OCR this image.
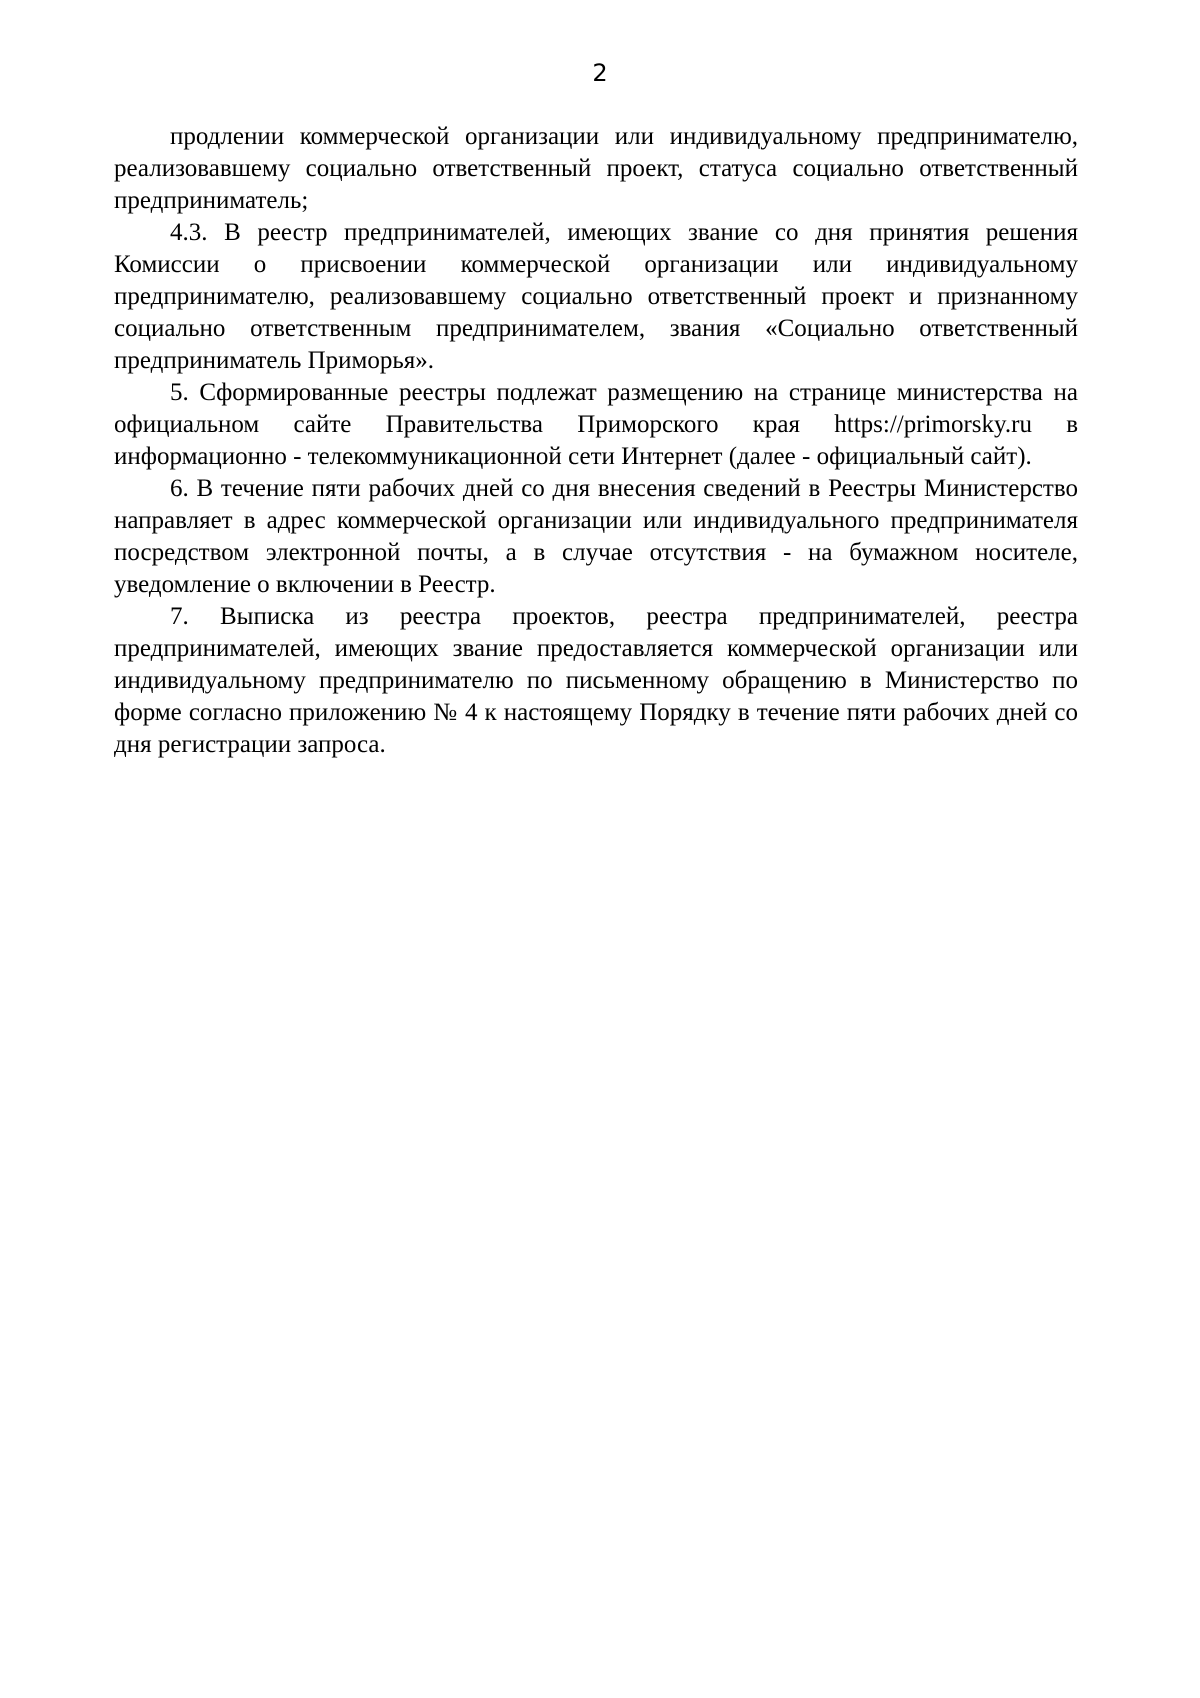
2

продлении коммерческой организации или индивидуальному предпринимателю, реализовавшему социально ответственный проект, статуса социально ответственный предприниматель;

4.3. В реестр предпринимателей, имеющих звание со дня принятия решения Комиссии о присвоении коммерческой организации или индивидуальному предпринимателю, реализовавшему социально ответственный проект и признанному социально ответственным предпринимателем, звания «Социально ответственный предприниматель Приморья».

5. Сформированные реестры подлежат размещению на странице министерства на официальном сайте Правительства Приморского края https://primorsky.ru в информационно - телекоммуникационной сети Интернет (далее - официальный сайт).

6. В течение пяти рабочих дней со дня внесения сведений в Реестры Министерство направляет в адрес коммерческой организации или индивидуального предпринимателя посредством электронной почты, а в случае отсутствия - на бумажном носителе, уведомление о включении в Реестр.

7. Выписка из реестра проектов, реестра предпринимателей, реестра предпринимателей, имеющих звание предоставляется коммерческой организации или индивидуальному предпринимателю по письменному обращению в Министерство по форме согласно приложению № 4 к настоящему Порядку в течение пяти рабочих дней со дня регистрации запроса.
